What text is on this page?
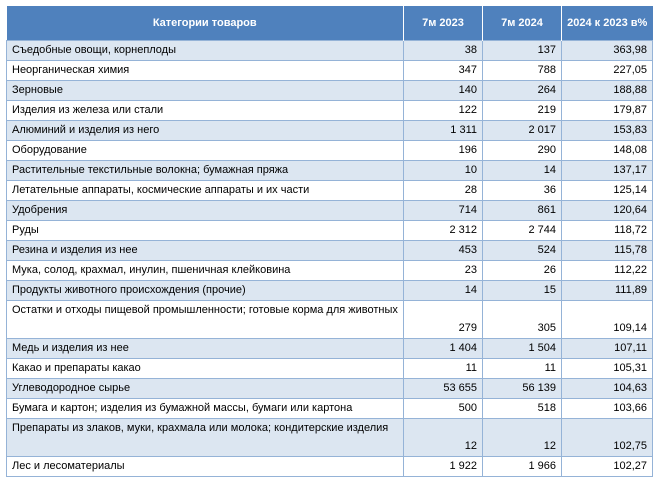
Категории товаров	7м 2023	7м 2024	2024 к 2023 в%
Съедобные овощи, корнеплоды	38	137	363,98
Неорганическая химия	347	788	227,05
Зерновые	140	264	188,88
Изделия из железа или стали	122	219	179,87
Алюминий и изделия из него	1 311	2 017	153,83
Оборудование	196	290	148,08
Растительные текстильные волокна; бумажная пряжа	10	14	137,17
Летательные аппараты, космические аппараты и их части	28	36	125,14
Удобрения	714	861	120,64
Руды	2 312	2 744	118,72
Резина и изделия из нее	453	524	115,78
Мука, солод, крахмал, инулин, пшеничная клейковина	23	26	112,22
Продукты животного происхождения (прочие)	14	15	111,89
Остатки и отходы пищевой промышленности; готовые корма для животных	279	305	109,14
Медь и изделия из нее	1 404	1 504	107,11
Какао и препараты какао	11	11	105,31
Углеводородное сырье	53 655	56 139	104,63
Бумага и картон; изделия из бумажной массы, бумаги или картона	500	518	103,66
Препараты из злаков, муки, крахмала или молока; кондитерские изделия	12	12	102,75
Лес и лесоматериалы	1 922	1 966	102,27
